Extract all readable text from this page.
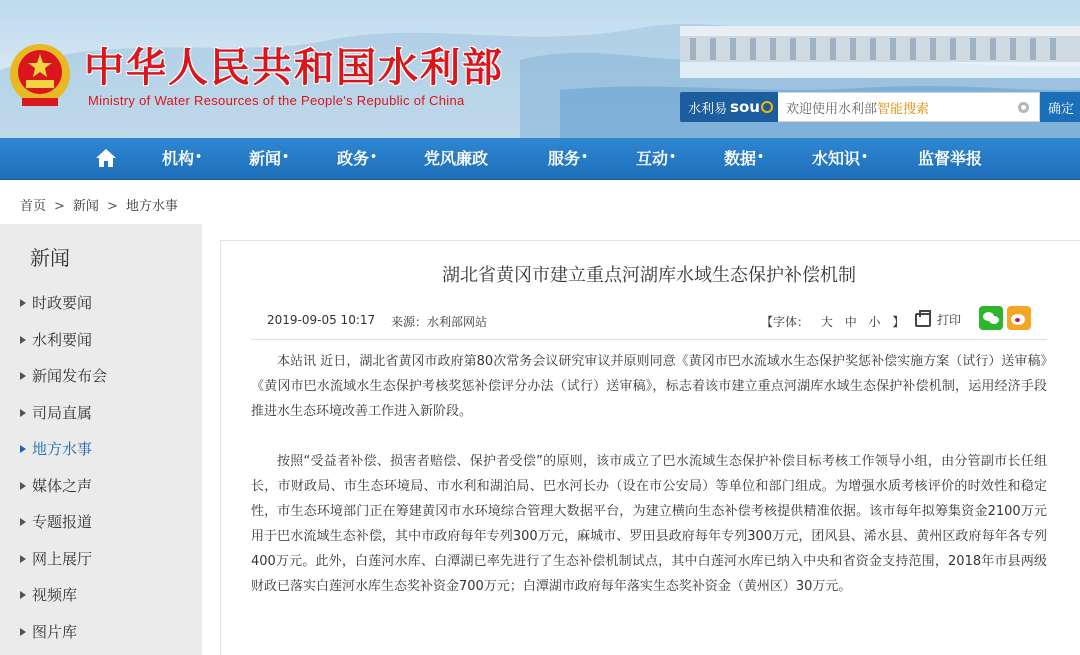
中华人民共和国水利部
Ministry of Water Resources of the People's Republic of China
水利易 sou 欢迎使用水利部 智能搜索	确定
机构•	新闻•	政务•	党风廉政	服务•	互动•	数据•	水知识•	监督举报
首页 > 新闻 > 地方水事
新闻
时政要闻
水利要闻
新闻发布会
司局直属
地方水事
媒体之声
专题报道
网上展厅
视频库
图片库
湖北省黄冈市建立重点河湖库水域生态保护补偿机制
2019-09-05 10:17 来源：水利部网站	【字体： 大 中 小 】	打印
本站讯 近日，湖北省黄冈市政府第80次常务会议研究审议并原则同意《黄冈市巴水流域水生态保护奖惩补偿实施方案（试行）送审稿》《黄冈市巴水流域水生态保护考核奖惩补偿评分办法（试行）送审稿》，标志着该市建立重点河湖库水域生态保护补偿机制，运用经济手段推进水生态环境改善工作进入新阶段。
按照“受益者补偿、损害者赔偿、保护者受偿”的原则，该市成立了巴水流域生态保护补偿目标考核工作领导小组，由分管副市长任组长，市财政局、市生态环境局、市水利和湖泊局、巴水河长办（设在市公安局）等单位和部门组成。为增强水质考核评价的时效性和稳定性，市生态环境部门正在筹建黄冈市水环境综合管理大数据平台，为建立横向生态补偿考核提供精准依据。该市每年拟筹集资金2100万元用于巴水流域生态补偿，其中市政府每年专列300万元，麻城市、罗田县政府每年专列300万元，团风县、浠水县、黄州区政府每年各专列400万元。此外，白莲河水库、白潭湖已率先进行了生态补偿机制试点，其中白莲河水库已纳入中央和省资金支持范围，2018年市县两级财政已落实白莲河水库生态奖补资金700万元；白潭湖市政府每年落实生态奖补资金（黄州区）30万元。
